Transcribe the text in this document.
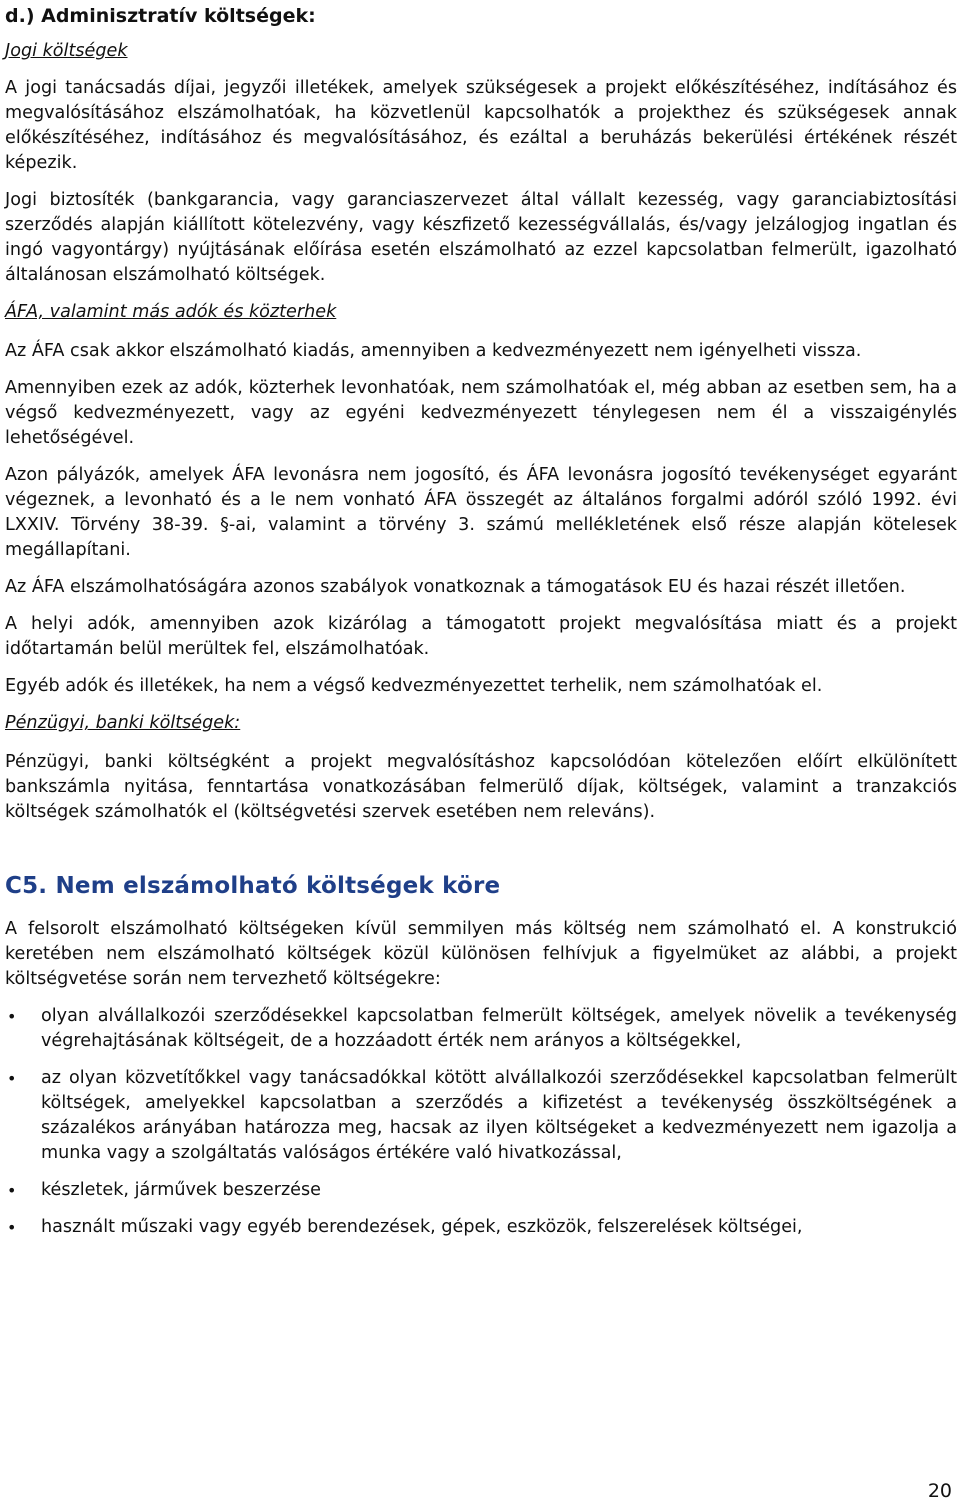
d.) Adminisztratív költségek:
Jogi költségek

A jogi tanácsadás díjai, jegyzői illetékek, amelyek szükségesek a projekt előkészítéséhez, indításához és megvalósításához elszámolhatóak, ha közvetlenül kapcsolhatók a projekthez és szükségesek annak előkészítéséhez, indításához és megvalósításához, és ezáltal a beruházás bekerülési értékének részét képezik.

Jogi biztosíték (bankgarancia, vagy garanciaszervezet által vállalt kezesség, vagy garanciabiztosítási szerződés alapján kiállított kötelezvény, vagy készfizető kezességvállalás, és/vagy jelzálogjog ingatlan és ingó vagyontárgy) nyújtásának előírása esetén elszámolható az ezzel kapcsolatban felmerült, igazolható általánosan elszámolható költségek.

ÁFA, valamint más adók és közterhek

Az ÁFA csak akkor elszámolható kiadás, amennyiben a kedvezményezett nem igényelheti vissza.

Amennyiben ezek az adók, közterhek levonhatóak, nem számolhatóak el, még abban az esetben sem, ha a végső kedvezményezett, vagy az egyéni kedvezményezett ténylegesen nem él a visszaigénylés lehetőségével.

Azon pályázók, amelyek ÁFA levonásra nem jogosító, és ÁFA levonásra jogosító tevékenységet egyaránt végeznek, a levonható és a le nem vonható ÁFA összegét az általános forgalmi adóról szóló 1992. évi LXXIV. Törvény 38-39. §-ai, valamint a törvény 3. számú mellékletének első része alapján kötelesek megállapítani.

Az ÁFA elszámolhatóságára azonos szabályok vonatkoznak a támogatások EU és hazai részét illetően.

A helyi adók, amennyiben azok kizárólag a támogatott projekt megvalósítása miatt és a projekt időtartamán belül merültek fel, elszámolhatóak.

Egyéb adók és illetékek, ha nem a végső kedvezményezettet terhelik, nem számolhatóak el.

Pénzügyi, banki költségek:

Pénzügyi, banki költségként a projekt megvalósításhoz kapcsolódóan kötelezően előírt elkülönített bankszámla nyitása, fenntartása vonatkozásában felmerülő díjak, költségek, valamint a tranzakciós költségek számolhatók el (költségvetési szervek esetében nem releváns).

C5. Nem elszámolható költségek köre

A felsorolt elszámolható költségeken kívül semmilyen más költség nem számolható el. A konstrukció keretében nem elszámolható költségek közül különösen felhívjuk a figyelmüket az alábbi, a projekt költségvetése során nem tervezhető költségekre:

• olyan alvállalkozói szerződésekkel kapcsolatban felmerült költségek, amelyek növelik a tevékenység végrehajtásának költségeit, de a hozzáadott érték nem arányos a költségekkel,
• az olyan közvetítőkkel vagy tanácsadókkal kötött alvállalkozói szerződésekkel kapcsolatban felmerült költségek, amelyekkel kapcsolatban a szerződés a kifizetést a tevékenység összköltségének a százalékos arányában határozza meg, hacsak az ilyen költségeket a kedvezményezett nem igazolja a munka vagy a szolgáltatás valóságos értékére való hivatkozással,
• készletek, járművek beszerzése
• használt műszaki vagy egyéb berendezések, gépek, eszközök, felszerelések költségei,
20
